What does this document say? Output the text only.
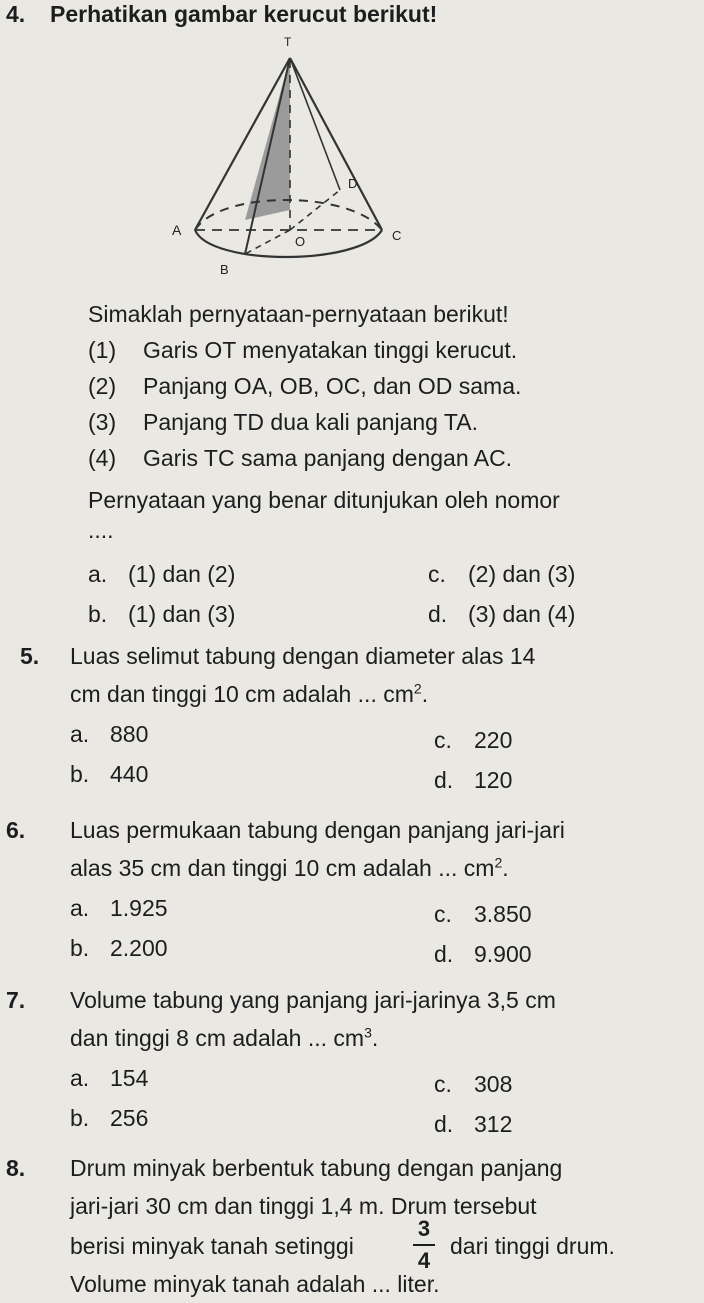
4. Perhatikan gambar kerucut berikut!
T
A
B
C
D
O
Simaklah pernyataan-pernyataan berikut!
(1) Garis OT menyatakan tinggi kerucut.
(2) Panjang OA, OB, OC, dan OD sama.
(3) Panjang TD dua kali panjang TA.
(4) Garis TC sama panjang dengan AC.
Pernyataan yang benar ditunjukan oleh nomor
....
a. (1) dan (2)	c. (2) dan (3)
b. (1) dan (3)	d. (3) dan (4)
5. Luas selimut tabung dengan diameter alas 14
cm dan tinggi 10 cm adalah ... $cm^2$.
a. 880	c. 220
b. 440	d. 120
6. Luas permukaan tabung dengan panjang jari-jari
alas 35 cm dan tinggi 10 cm adalah ... $cm^2$.
a. 1.925	c. 3.850
b. 2.200	d. 9.900
7. Volume tabung yang panjang jari-jarinya 3,5 cm
dan tinggi 8 cm adalah ... $cm^3$.
a. 154	c. 308
b. 256	d. 312
8. Drum minyak berbentuk tabung dengan panjang
jari-jari 30 cm dan tinggi 1,4 m. Drum tersebut
berisi minyak tanah setinggi
3
4
dari tinggi drum.
Volume minyak tanah adalah ... liter.
